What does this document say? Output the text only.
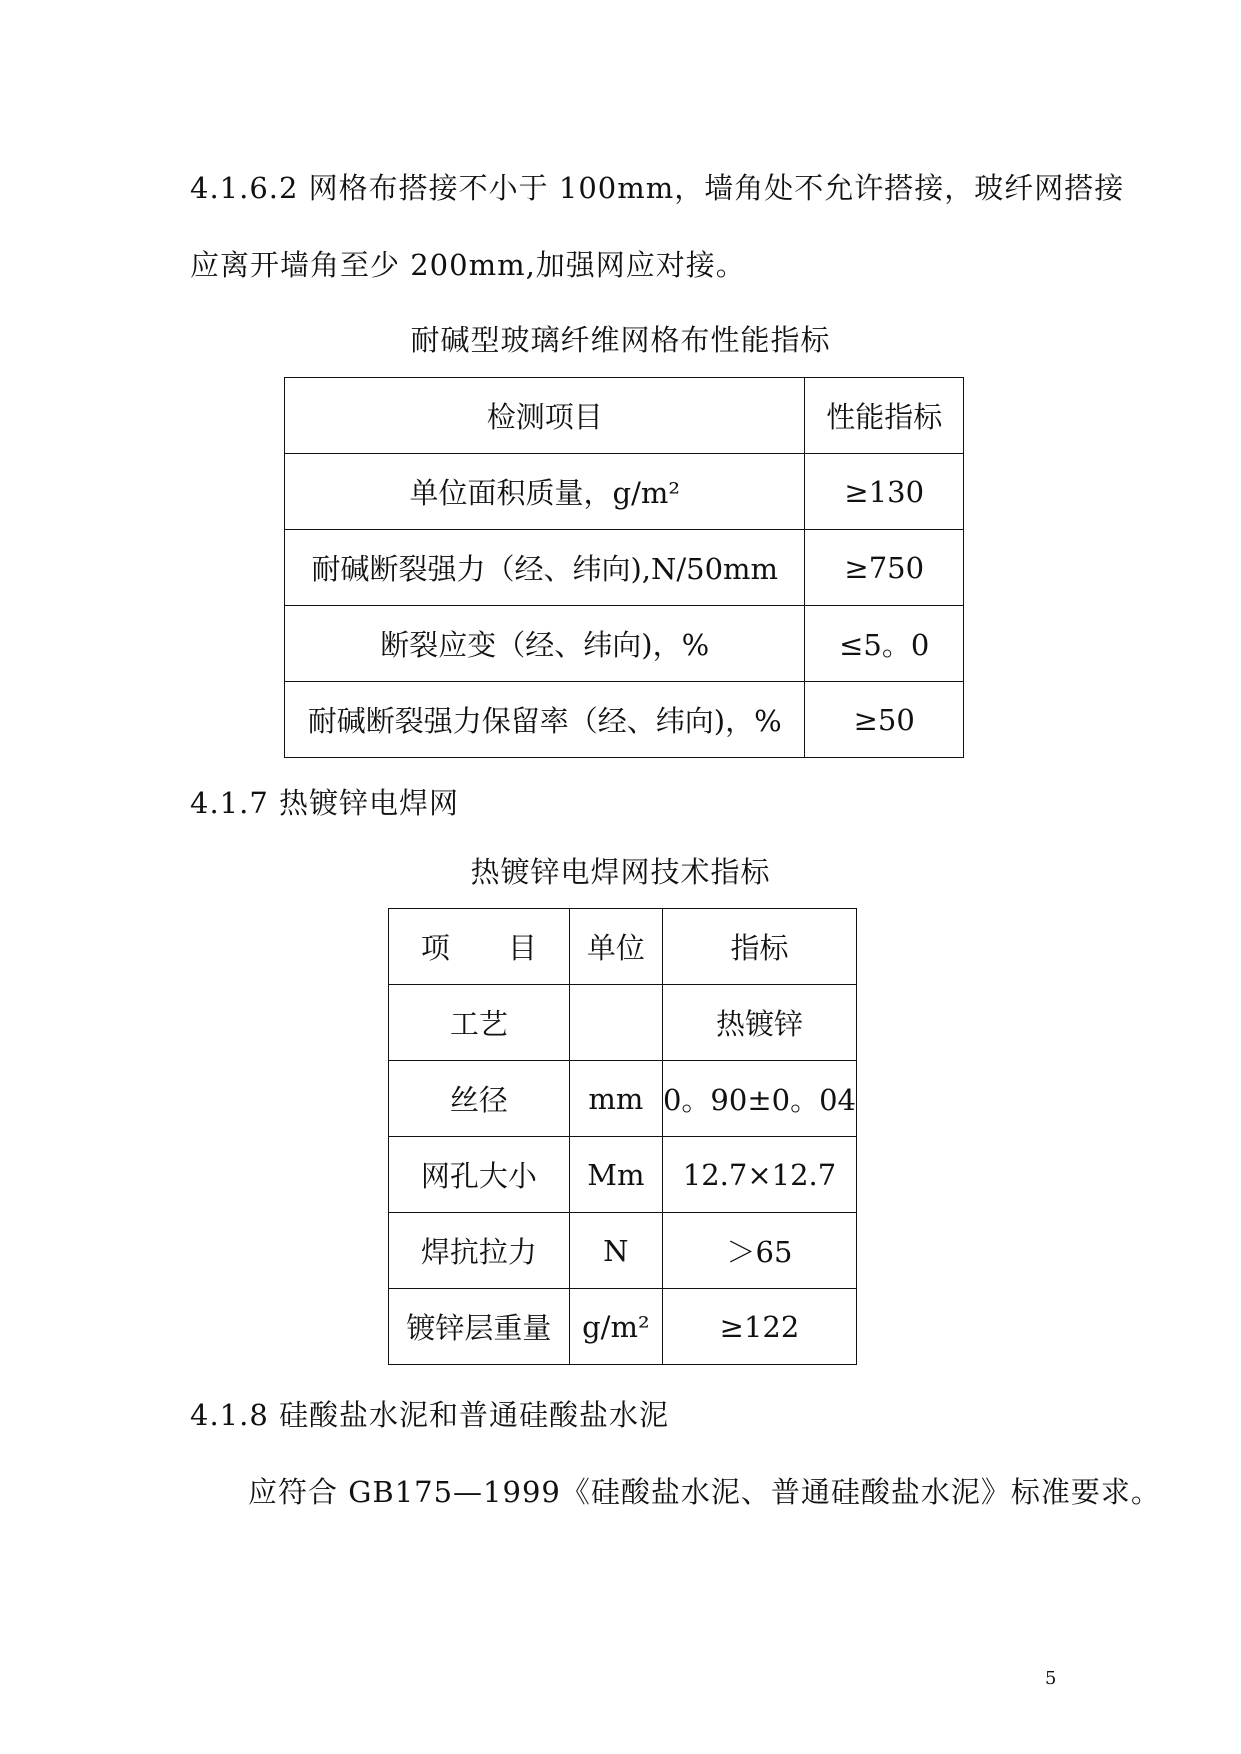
4.1.6.2 网格布搭接不小于 100mm，墙角处不允许搭接，玻纤网搭接
应离开墙角至少 200mm,加强网应对接。
耐碱型玻璃纤维网格布性能指标
检测项目	性能指标
单位面积质量，g/m²	≥130
耐碱断裂强力（经、纬向),N/50mm	≥750
断裂应变（经、纬向)，%	≤5。0
耐碱断裂强力保留率（经、纬向)，%	≥50
4.1.7 热镀锌电焊网
热镀锌电焊网技术指标
项　　目	单位	指标
工艺		热镀锌
丝径	mm	0。90±0。04
网孔大小	Mm	12.7×12.7
焊抗拉力	N	＞65
镀锌层重量	g/m²	≥122
4.1.8 硅酸盐水泥和普通硅酸盐水泥
应符合 GB175—1999《硅酸盐水泥、普通硅酸盐水泥》标准要求。
5
